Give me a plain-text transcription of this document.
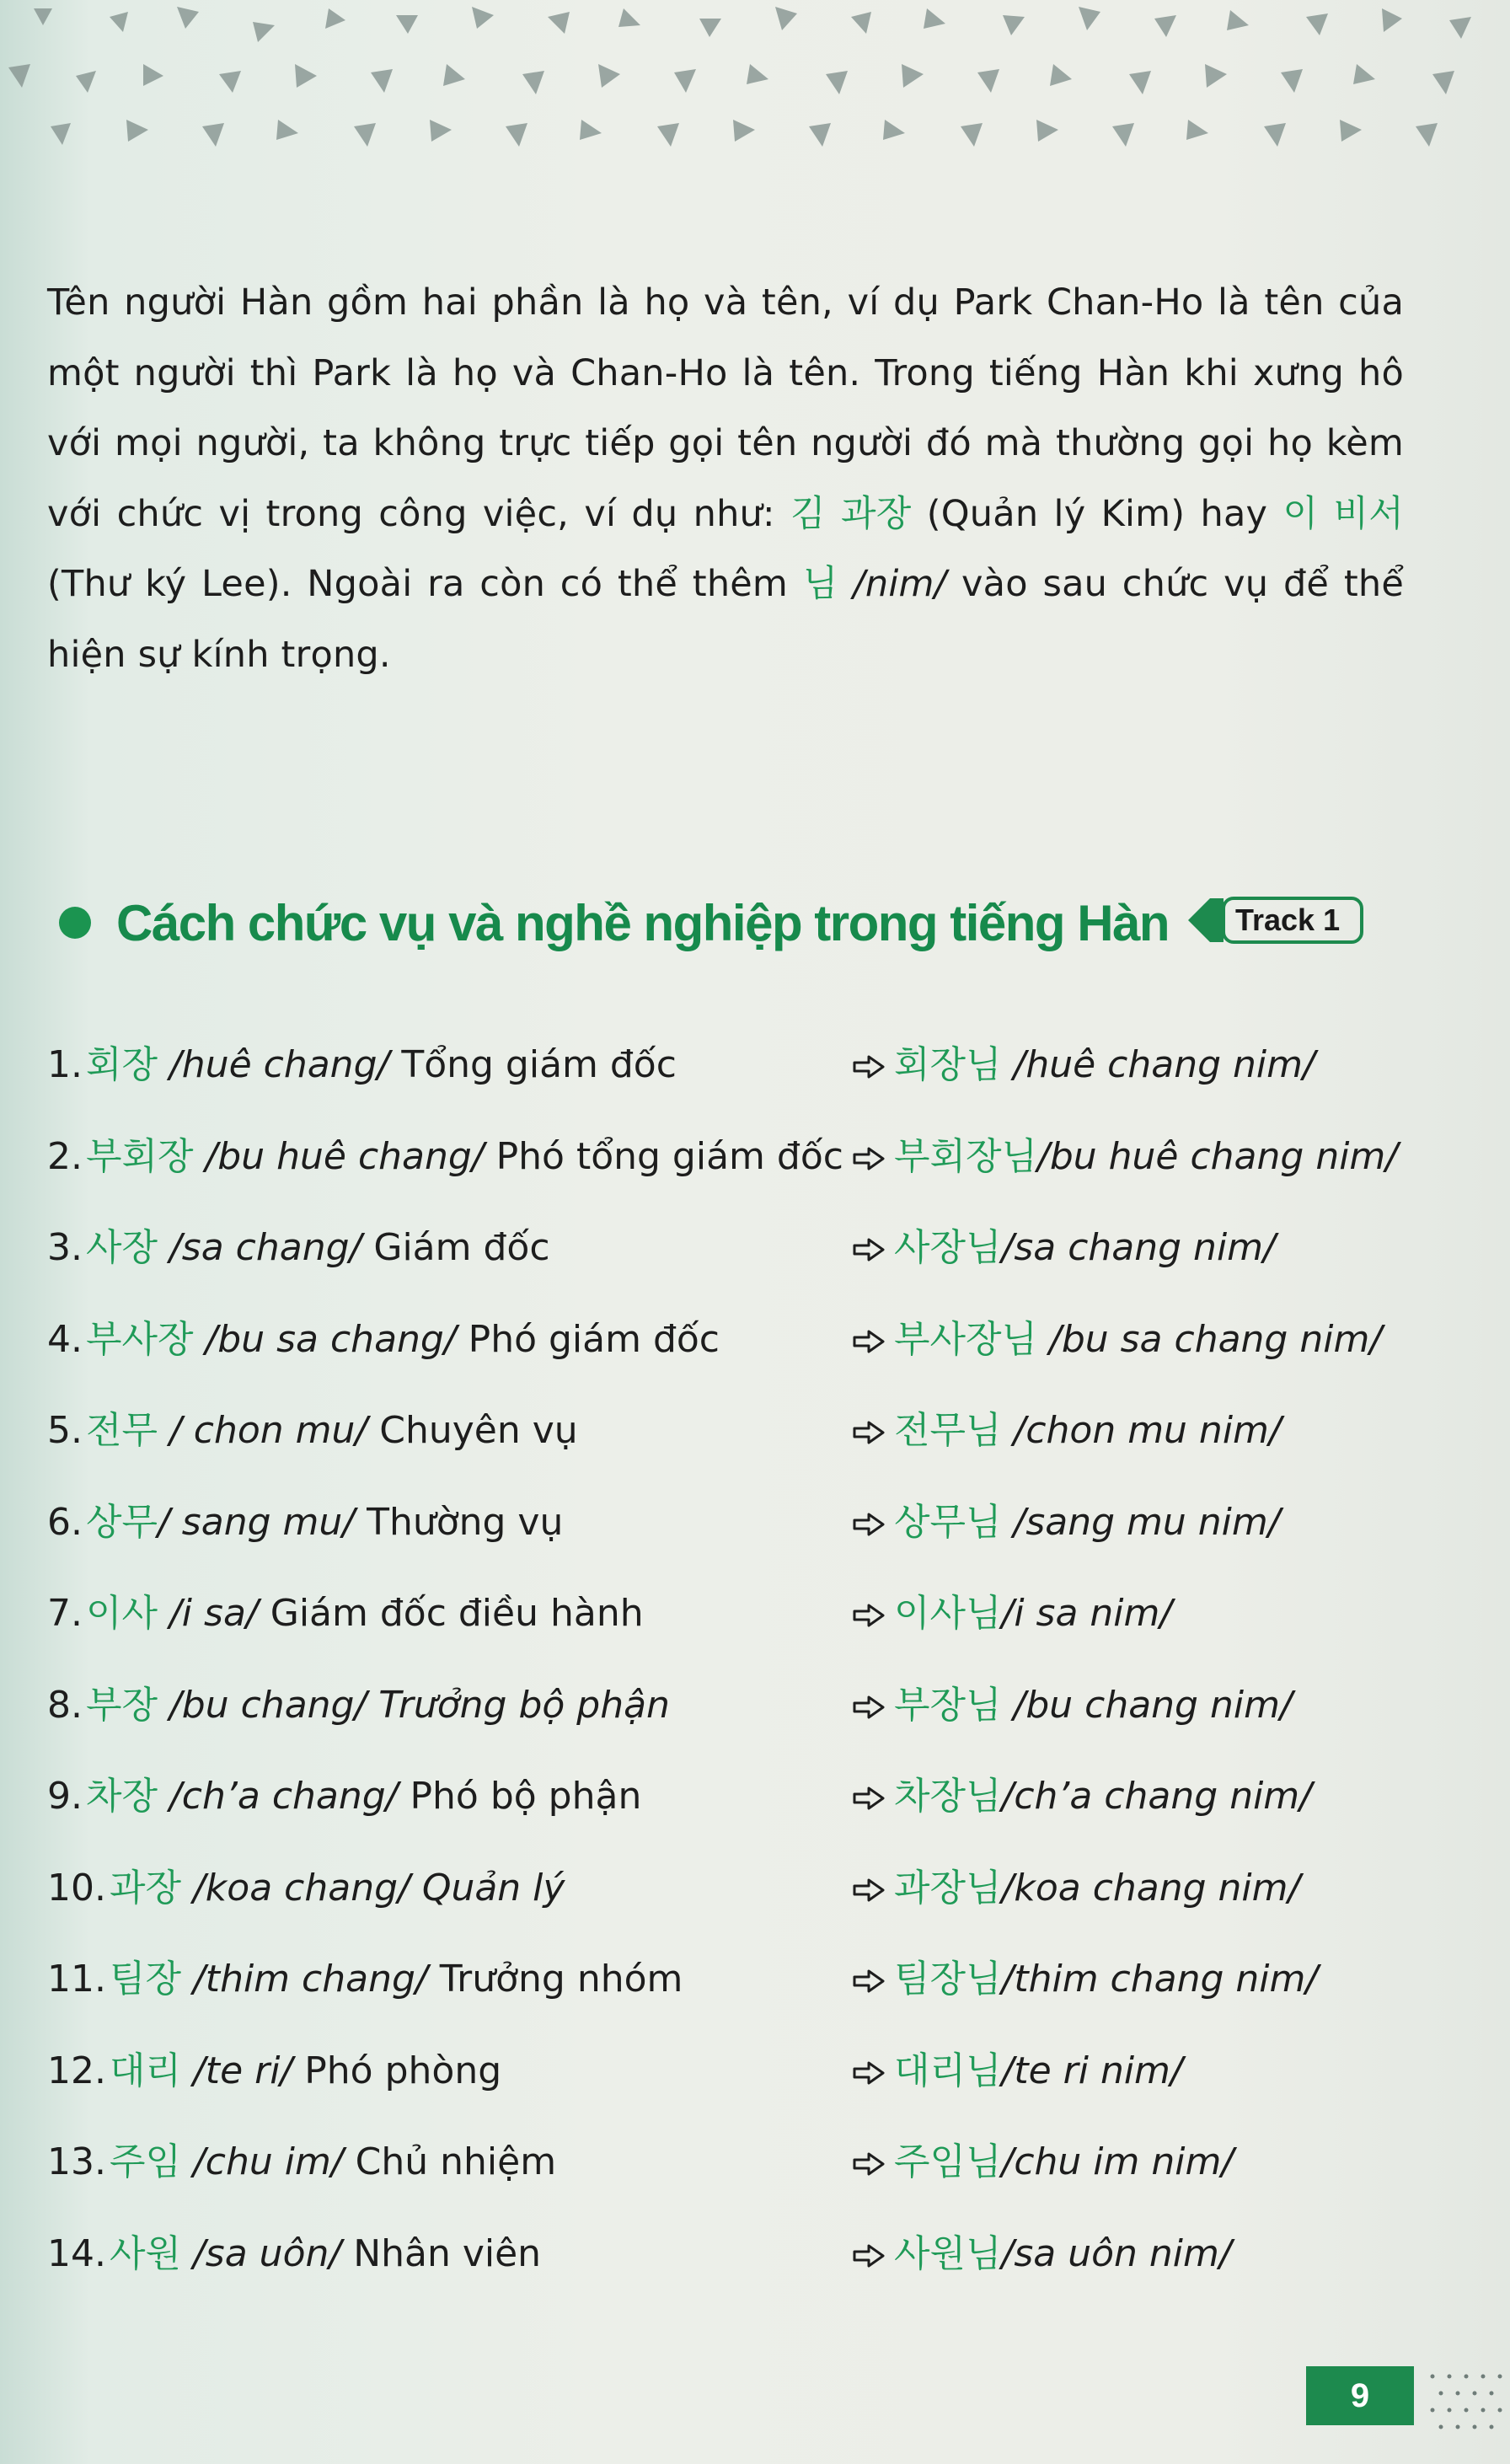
Tên người Hàn gồm hai phần là họ và tên, ví dụ Park Chan-Ho là tên của một người thì Park là họ và Chan-Ho là tên. Trong tiếng Hàn khi xưng hô với mọi người, ta không trực tiếp gọi tên người đó mà thường gọi họ kèm với chức vị trong công việc, ví dụ như: 김 과장 (Quản lý Kim) hay 이 비서 (Thư ký Lee). Ngoài ra còn có thể thêm 님 /nim/ vào sau chức vụ để thể hiện sự kính trọng.
Cách chức vụ và nghề nghiệp trong tiếng Hàn Track 1
1.회장 /huê chang/ Tổng giám đốc	회장님 /huê chang nim/
2.부회장 /bu huê chang/ Phó tổng giám đốc	부회장님/bu huê chang nim/
3.사장 /sa chang/ Giám đốc	사장님/sa chang nim/
4.부사장 /bu sa chang/ Phó giám đốc	부사장님 /bu sa chang nim/
5.전무 / chon mu/ Chuyên vụ	전무님 /chon mu nim/
6.상무/ sang mu/ Thường vụ	상무님 /sang mu nim/
7.이사 /i sa/ Giám đốc điều hành	이사님/i sa nim/
8.부장 /bu chang/ Trưởng bộ phận	부장님 /bu chang nim/
9.차장 /ch’a chang/ Phó bộ phận	차장님/ch’a chang nim/
10.과장 /koa chang/ Quản lý	과장님/koa chang nim/
11.팀장 /thim chang/ Trưởng nhóm	팀장님/thim chang nim/
12.대리 /te ri/ Phó phòng	대리님/te ri nim/
13.주임 /chu im/ Chủ nhiệm	주임님/chu im nim/
14.사원 /sa uôn/ Nhân viên	사원님/sa uôn nim/
9
